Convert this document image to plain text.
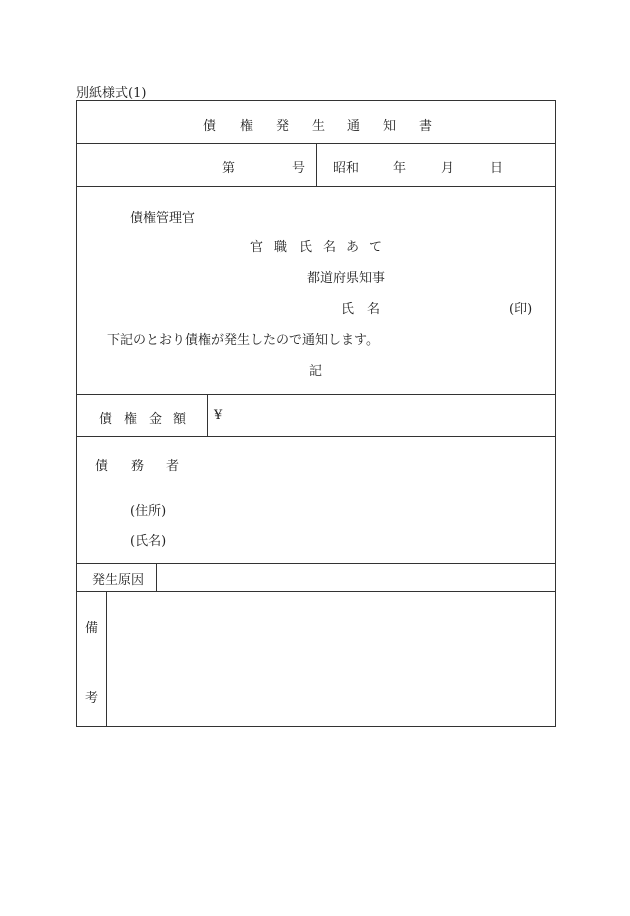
別紙様式(1)
債 権 発 生 通 知 書
第	号 昭和	年	月	日
債権管理官
官 職 氏 名 あ て
都道府県知事
氏 名	(印)
下記のとおり債権が発生したので通知します。
記
債 権 金 額 ¥
債 務 者
(住所)
(氏名)
発生原因
備
考
